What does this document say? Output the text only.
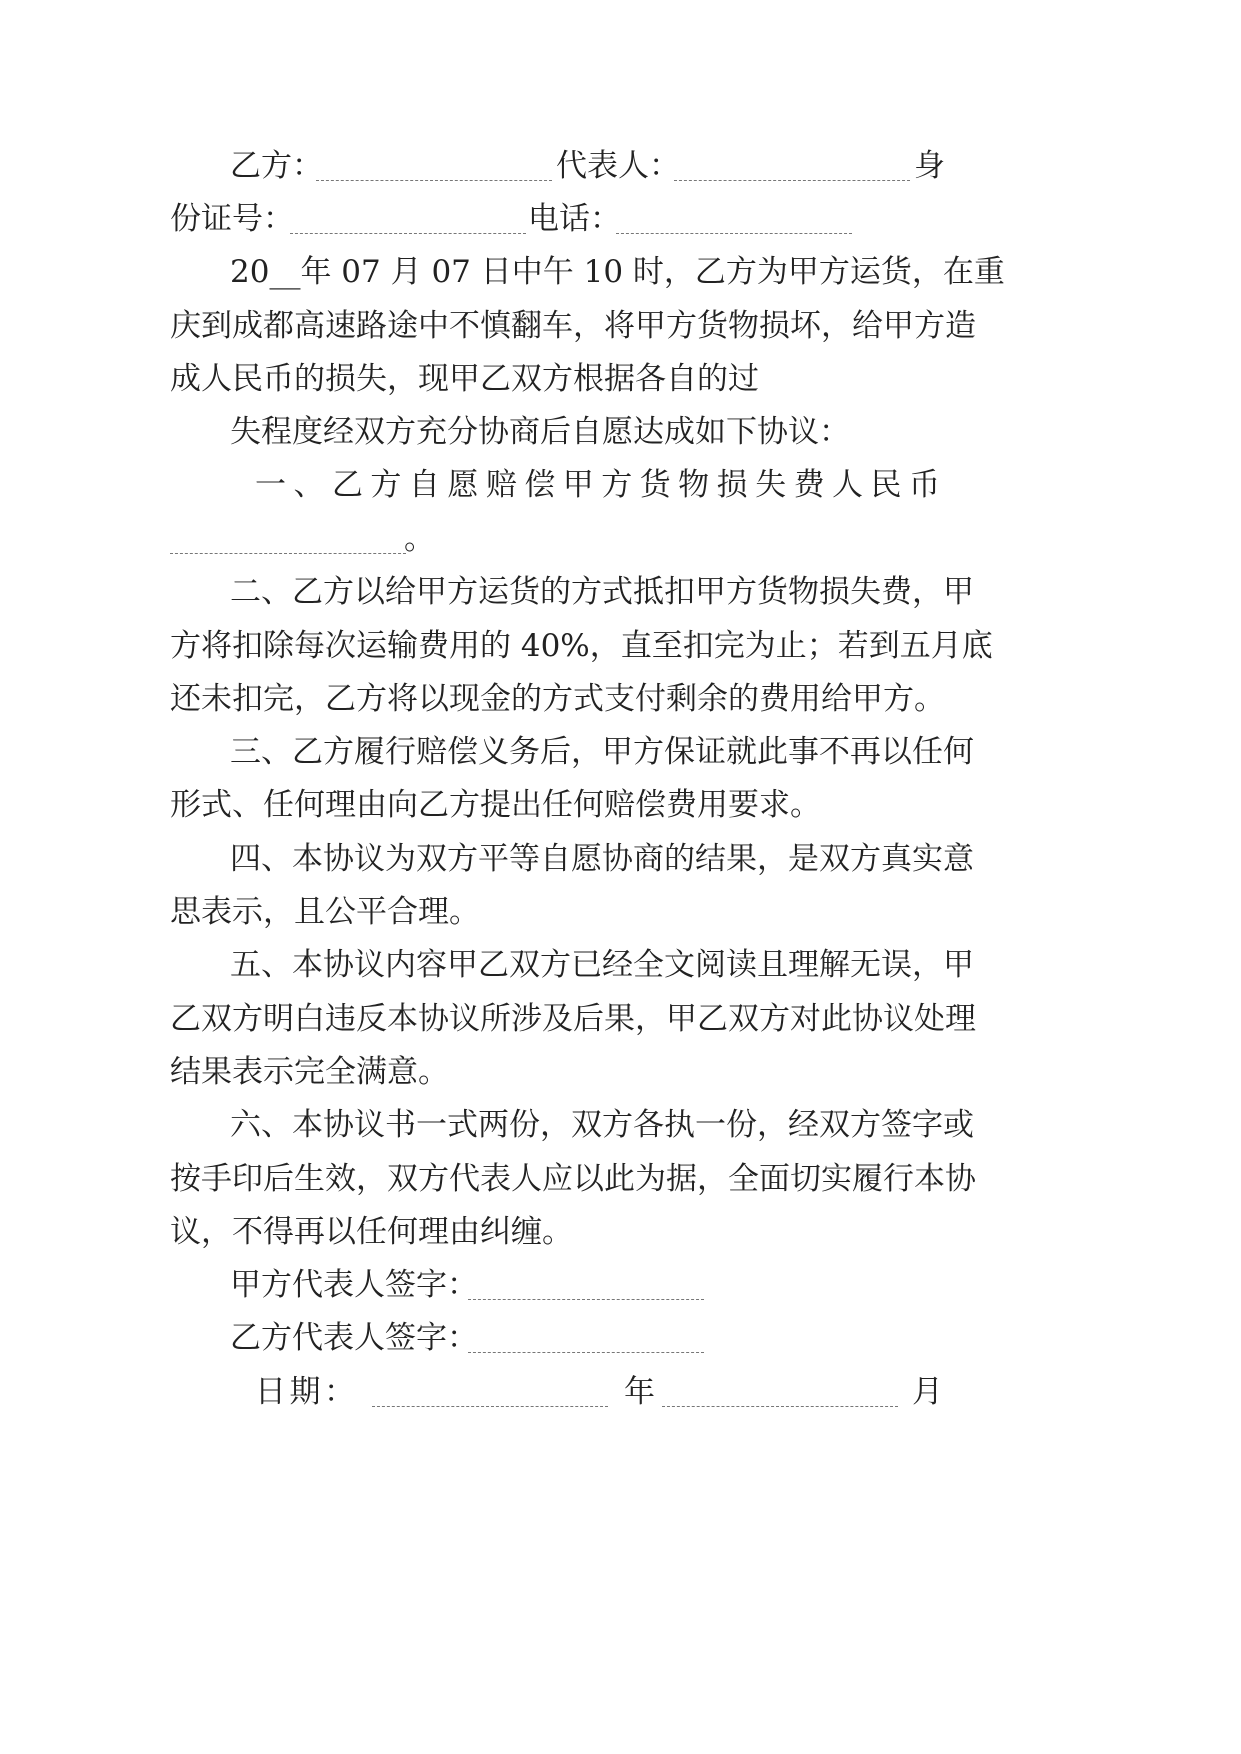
乙方：	代表人：	身
份证号：	电话：
20__年 07 月 07 日中午 10 时，乙方为甲方运货，在重
庆到成都高速路途中不慎翻车，将甲方货物损坏，给甲方造
成人民币的损失，现甲乙双方根据各自的过
失程度经双方充分协商后自愿达成如下协议：
一、乙方自愿赔偿甲方货物损失费人民币
。
二、乙方以给甲方运货的方式抵扣甲方货物损失费，甲
方将扣除每次运输费用的 40%，直至扣完为止；若到五月底
还未扣完，乙方将以现金的方式支付剩余的费用给甲方。
三、乙方履行赔偿义务后，甲方保证就此事不再以任何
形式、任何理由向乙方提出任何赔偿费用要求。
四、本协议为双方平等自愿协商的结果，是双方真实意
思表示，且公平合理。
五、本协议内容甲乙双方已经全文阅读且理解无误，甲
乙双方明白违反本协议所涉及后果，甲乙双方对此协议处理
结果表示完全满意。
六、本协议书一式两份，双方各执一份，经双方签字或
按手印后生效，双方代表人应以此为据，全面切实履行本协
议，不得再以任何理由纠缠。
甲方代表人签字：
乙方代表人签字：
日期：	年	月
